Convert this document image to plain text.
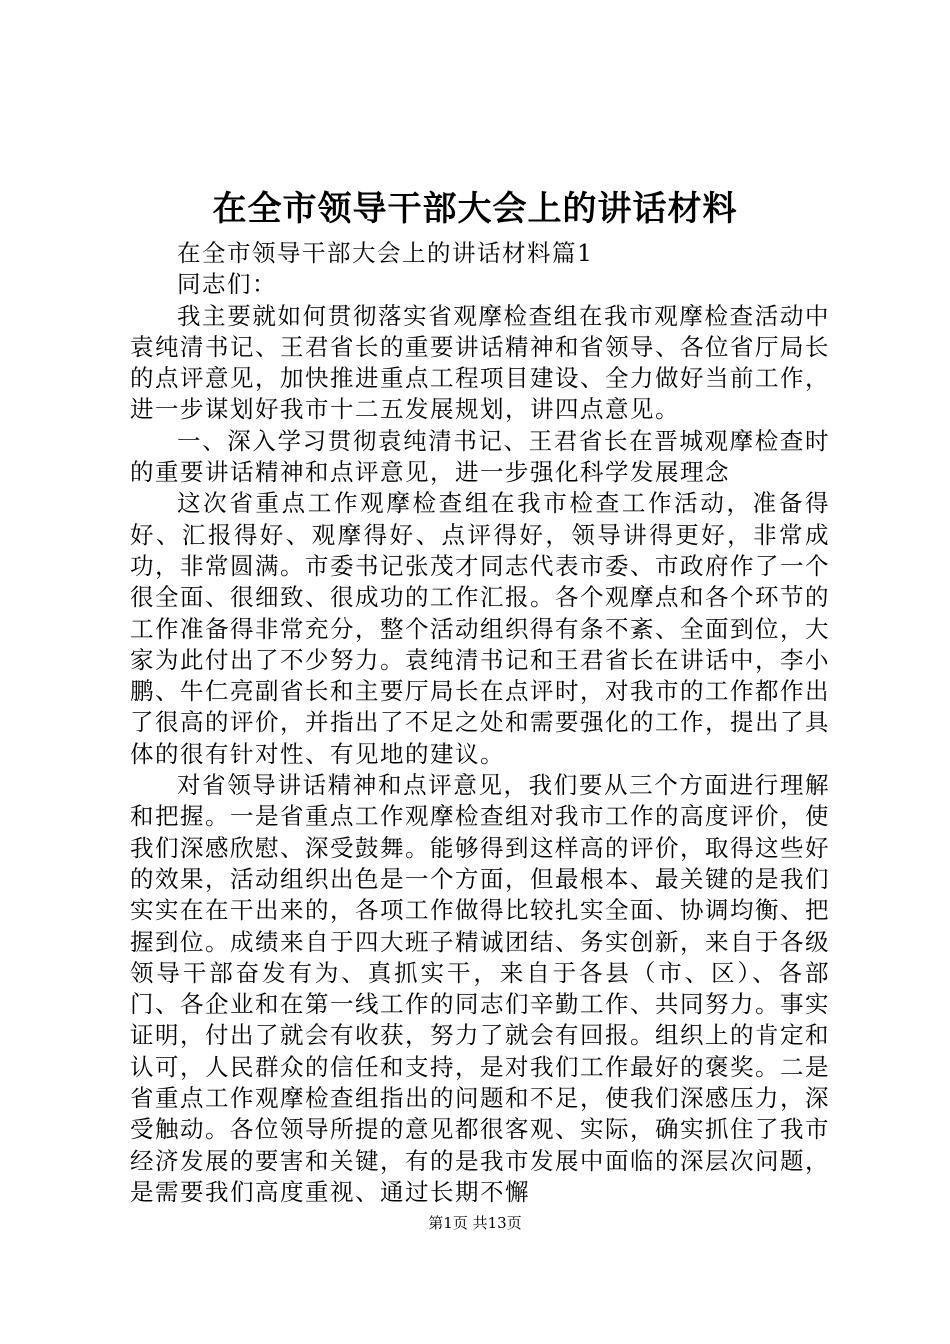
在全市领导干部大会上的讲话材料

在全市领导干部大会上的讲话材料篇1

同志们：

我主要就如何贯彻落实省观摩检查组在我市观摩检查活动中袁纯清书记、王君省长的重要讲话精神和省领导、各位省厅局长的点评意见，加快推进重点工程项目建设、全力做好当前工作，进一步谋划好我市十二五发展规划，讲四点意见。

一、深入学习贯彻袁纯清书记、王君省长在晋城观摩检查时的重要讲话精神和点评意见，进一步强化科学发展理念

这次省重点工作观摩检查组在我市检查工作活动，准备得好、汇报得好、观摩得好、点评得好，领导讲得更好，非常成功，非常圆满。市委书记张茂才同志代表市委、市政府作了一个很全面、很细致、很成功的工作汇报。各个观摩点和各个环节的工作准备得非常充分，整个活动组织得有条不紊、全面到位，大家为此付出了不少努力。袁纯清书记和王君省长在讲话中，李小鹏、牛仁亮副省长和主要厅局长在点评时，对我市的工作都作出了很高的评价，并指出了不足之处和需要强化的工作，提出了具体的很有针对性、有见地的建议。

对省领导讲话精神和点评意见，我们要从三个方面进行理解和把握。一是省重点工作观摩检查组对我市工作的高度评价，使我们深感欣慰、深受鼓舞。能够得到这样高的评价，取得这些好的效果，活动组织出色是一个方面，但最根本、最关键的是我们实实在在干出来的，各项工作做得比较扎实全面、协调均衡、把握到位。成绩来自于四大班子精诚团结、务实创新，来自于各级领导干部奋发有为、真抓实干，来自于各县（市、区）、各部门、各企业和在第一线工作的同志们辛勤工作、共同努力。事实证明，付出了就会有收获，努力了就会有回报。组织上的肯定和认可，人民群众的信任和支持，是对我们工作最好的褒奖。二是省重点工作观摩检查组指出的问题和不足，使我们深感压力，深受触动。各位领导所提的意见都很客观、实际，确实抓住了我市经济发展的要害和关键，有的是我市发展中面临的深层次问题，是需要我们高度重视、通过长期不懈

第1页 共13页
